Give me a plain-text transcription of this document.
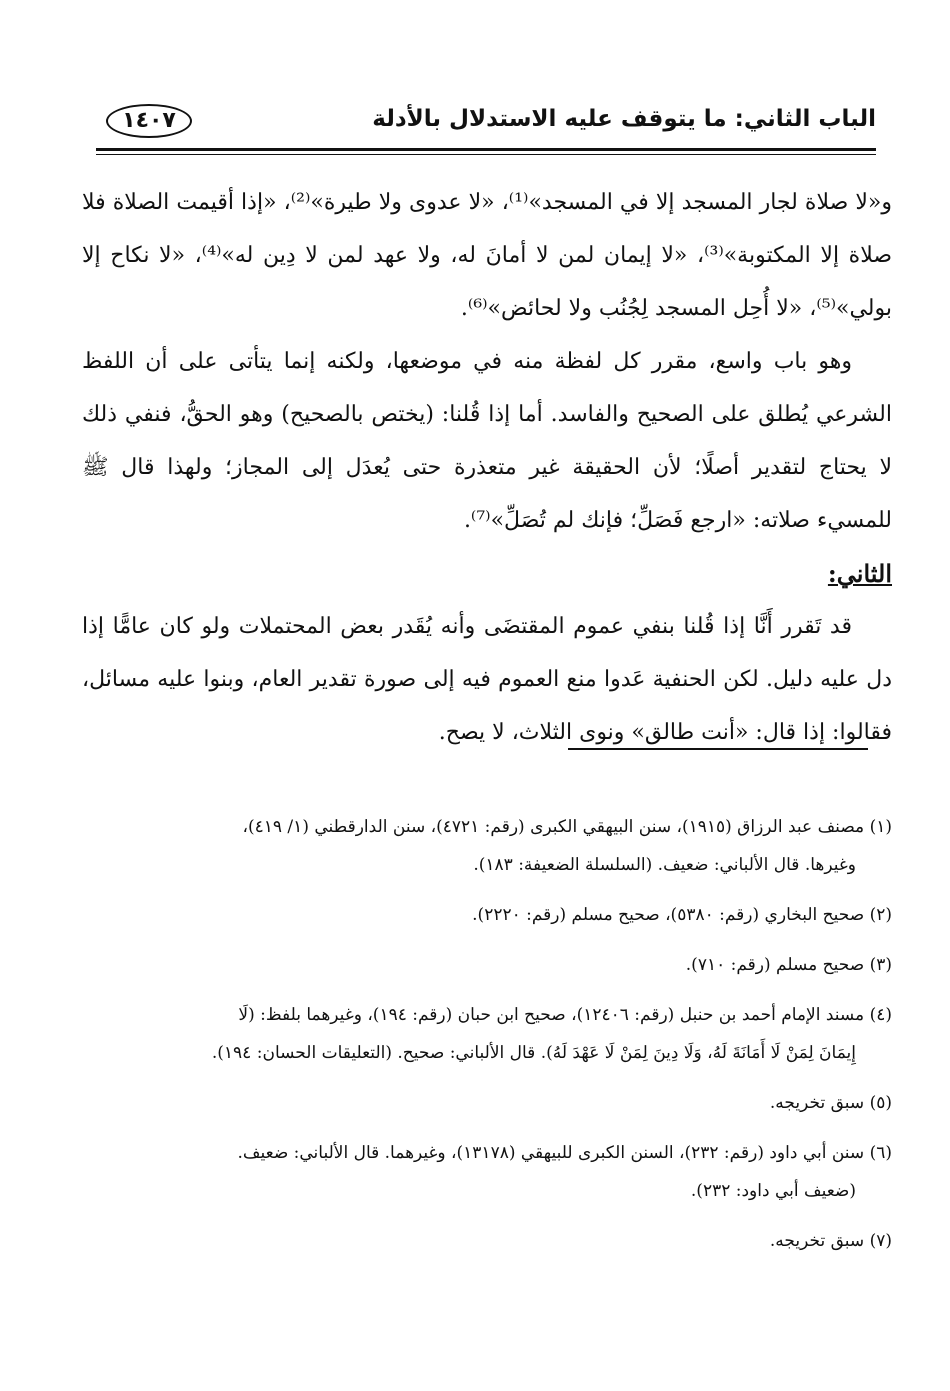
الباب الثاني: ما يتوقف عليه الاستدلال بالأدلة
١٤٠٧

و«لا صلاة لجار المسجد إلا في المسجد»⁽¹⁾، «لا عدوى ولا طيرة»⁽²⁾، «إذا أقيمت الصلاة فلا صلاة إلا المكتوبة»⁽³⁾، «لا إيمان لمن لا أمانَ له، ولا عهد لمن لا دِين له»⁽⁴⁾، «لا نكاح إلا بولي»⁽⁵⁾، «لا أُحِل المسجد لِجُنُب ولا لحائض»⁽⁶⁾.

وهو باب واسع، مقرر كل لفظة منه في موضعها، ولكنه إنما يتأتى على أن اللفظ الشرعي يُطلق على الصحيح والفاسد. أما إذا قُلنا: (يختص بالصحيح) وهو الحقُّ، فنفي ذلك لا يحتاج لتقدير أصلًا؛ لأن الحقيقة غير متعذرة حتى يُعدَل إلى المجاز؛ ولهذا قال ﷺ للمسيء صلاته: «ارجع فَصَلِّ؛ فإنك لم تُصَلِّ»⁽⁷⁾.

الثاني:

قد تَقرر أَنَّا إذا قُلنا بنفي عموم المقتضَى وأنه يُقَدر بعض المحتملات ولو كان عامًّا إذا دل عليه دليل. لكن الحنفية عَدوا منع العموم فيه إلى صورة تقدير العام، وبنوا عليه مسائل، فقالوا: إذا قال: «أنت طالق» ونوى الثلاث، لا يصح.

(١) مصنف عبد الرزاق (١٩١٥)، سنن البيهقي الكبرى (رقم: ٤٧٢١)، سنن الدارقطني (١/ ٤١٩)،
وغيرها. قال الألباني: ضعيف. (السلسلة الضعيفة: ١٨٣).
(٢) صحيح البخاري (رقم: ٥٣٨٠)، صحيح مسلم (رقم: ٢٢٢٠).
(٣) صحيح مسلم (رقم: ٧١٠).
(٤) مسند الإمام أحمد بن حنبل (رقم: ١٢٤٠٦)، صحيح ابن حبان (رقم: ١٩٤)، وغيرهما بلفظ: (لَا
إِيمَانَ لِمَنْ لَا أَمَانَةَ لَهُ، وَلَا دِينَ لِمَنْ لَا عَهْدَ لَهُ). قال الألباني: صحيح. (التعليقات الحسان: ١٩٤).
(٥) سبق تخريجه.
(٦) سنن أبي داود (رقم: ٢٣٢)، السنن الكبرى للبيهقي (١٣١٧٨)، وغيرهما. قال الألباني: ضعيف.
(ضعيف أبي داود: ٢٣٢).
(٧) سبق تخريجه.
